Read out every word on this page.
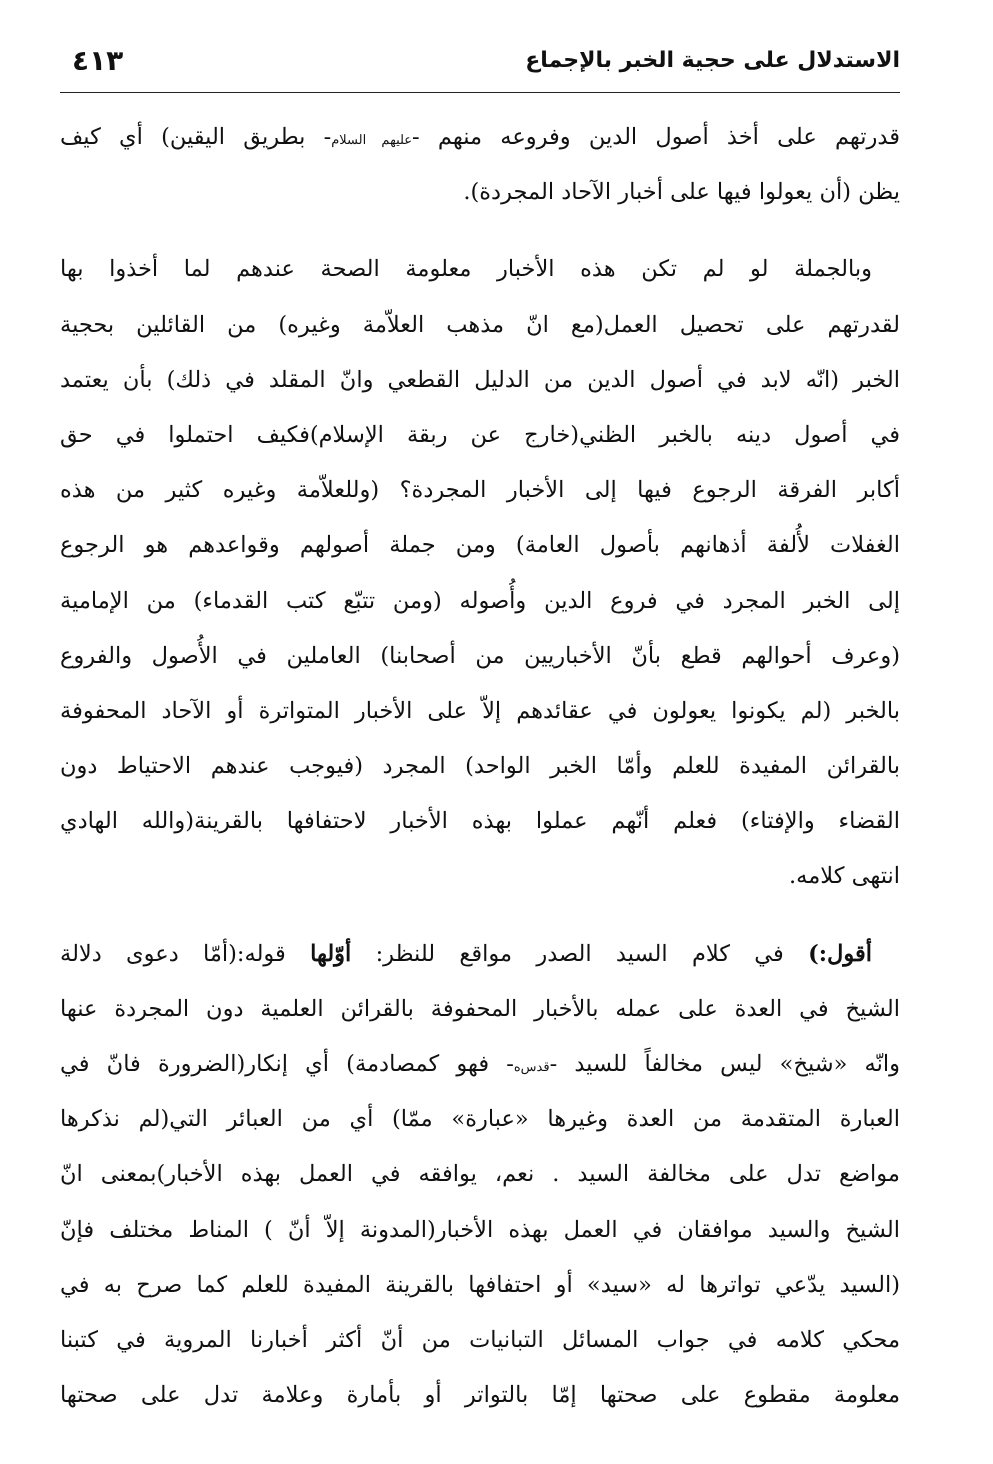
الاستدلال على حجية الخبر بالإجماع
٤١٣
قدرتهم على أخذ أصول الدين وفروعه منهم -عليهم السلام- بطريق اليقين) أي كيف
يظن (أن يعولوا فيها على أخبار الآحاد المجردة).
وبالجملة لو لم تكن هذه الأخبار معلومة الصحة عندهم لما أخذوا بها
لقدرتهم على تحصيل العمل(مع انّ مذهب العلاّمة وغيره) من القائلين بحجية
الخبر (انّه لابد في أصول الدين من الدليل القطعي وانّ المقلد في ذلك) بأن يعتمد
في أصول دينه بالخبر الظني(خارج عن ربقة الإسلام)فكيف احتملوا في حق
أكابر الفرقة الرجوع فيها إلى الأخبار المجردة؟ (وللعلاّمة وغيره كثير من هذه
الغفلات لأُلفة أذهانهم بأصول العامة) ومن جملة أصولهم وقواعدهم هو الرجوع
إلى الخبر المجرد في فروع الدين وأُصوله (ومن تتبّع كتب القدماء) من الإمامية
(وعرف أحوالهم قطع بأنّ الأخباريين من أصحابنا) العاملين في الأُصول والفروع
بالخبر (لم يكونوا يعولون في عقائدهم إلاّ على الأخبار المتواترة أو الآحاد المحفوفة
بالقرائن المفيدة للعلم وأمّا الخبر الواحد) المجرد (فيوجب عندهم الاحتياط دون
القضاء والإفتاء) فعلم أنّهم عملوا بهذه الأخبار لاحتفافها بالقرينة(والله الهادي
انتهى كلامه.
أقول:) في كلام السيد الصدر مواقع للنظر: أوّلها قوله:(أمّا دعوى دلالة
الشيخ في العدة على عمله بالأخبار المحفوفة بالقرائن العلمية دون المجردة عنها
وانّه «شيخ» ليس مخالفاً للسيد -قدس‌ه- فهو كمصادمة) أي إنكار(الضرورة فانّ في
العبارة المتقدمة من العدة وغيرها «عبارة» ممّا) أي من العبائر التي(لم نذكرها
مواضع تدل على مخالفة السيد . نعم، يوافقه في العمل بهذه الأخبار)بمعنى انّ
الشيخ والسيد موافقان في العمل بهذه الأخبار(المدونة إلاّ أنّ ) المناط مختلف فإنّ
(السيد يدّعي تواترها له «سيد» أو احتفافها بالقرينة المفيدة للعلم كما صرح به في
محكي كلامه في جواب المسائل التبانيات من أنّ أكثر أخبارنا المروية في كتبنا
معلومة مقطوع على صحتها إمّا بالتواتر أو بأمارة وعلامة تدل على صحتها
